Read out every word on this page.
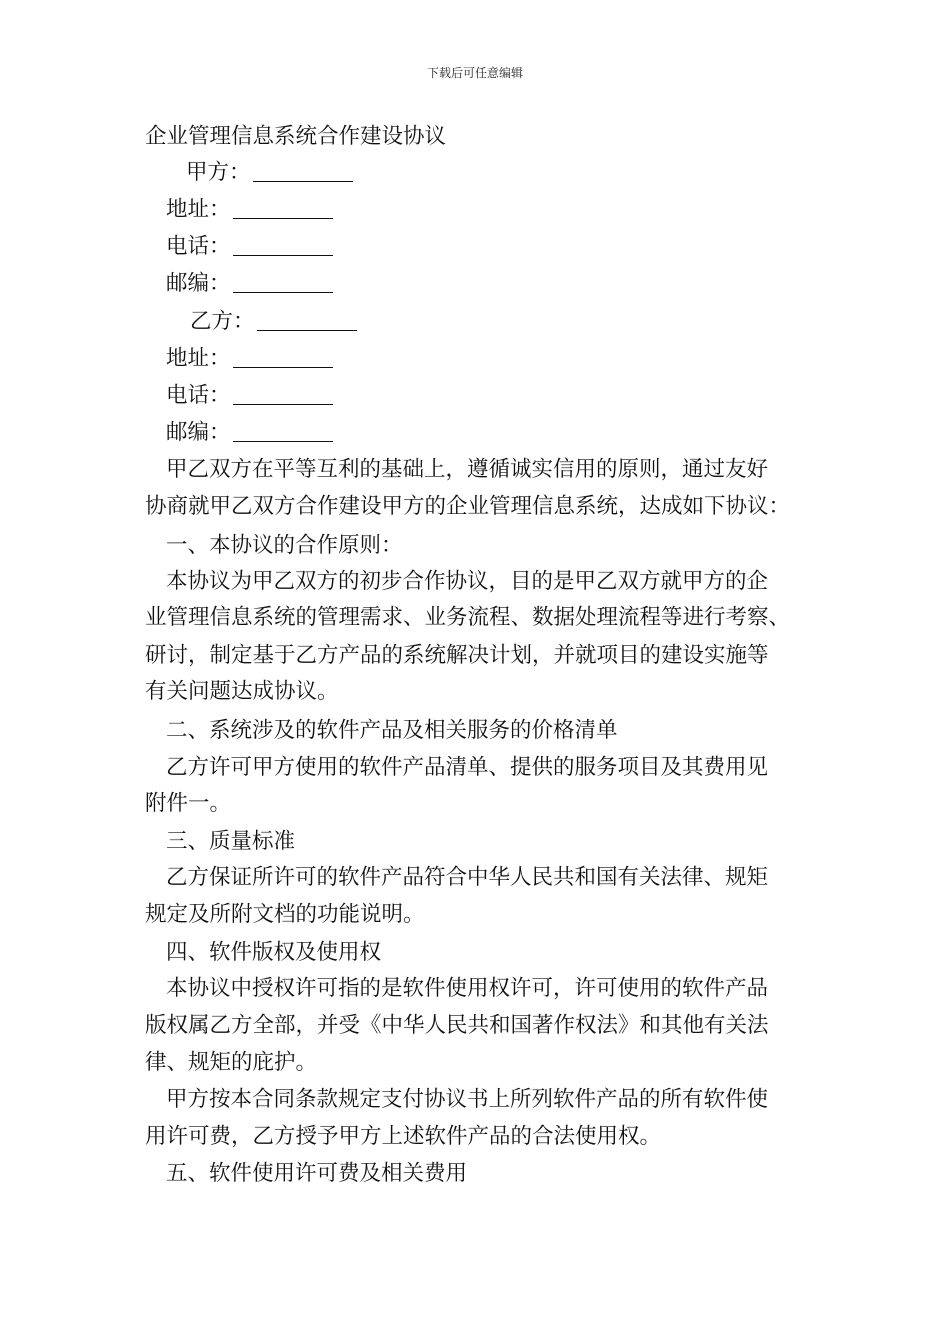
下载后可任意编辑
企业管理信息系统合作建设协议
甲方：
地址：
电话：
邮编：
乙方：
地址：
电话：
邮编：
甲乙双方在平等互利的基础上，遵循诚实信用的原则，通过友好
协商就甲乙双方合作建设甲方的企业管理信息系统，达成如下协议：
一、本协议的合作原则：
本协议为甲乙双方的初步合作协议，目的是甲乙双方就甲方的企
业管理信息系统的管理需求、业务流程、数据处理流程等进行考察、
研讨，制定基于乙方产品的系统解决计划，并就项目的建设实施等
有关问题达成协议。
二、系统涉及的软件产品及相关服务的价格清单
乙方许可甲方使用的软件产品清单、提供的服务项目及其费用见
附件一。
三、质量标准
乙方保证所许可的软件产品符合中华人民共和国有关法律、规矩
规定及所附文档的功能说明。
四、软件版权及使用权
本协议中授权许可指的是软件使用权许可，许可使用的软件产品
版权属乙方全部，并受《中华人民共和国著作权法》和其他有关法
律、规矩的庇护。
甲方按本合同条款规定支付协议书上所列软件产品的所有软件使
用许可费，乙方授予甲方上述软件产品的合法使用权。
五、软件使用许可费及相关费用
